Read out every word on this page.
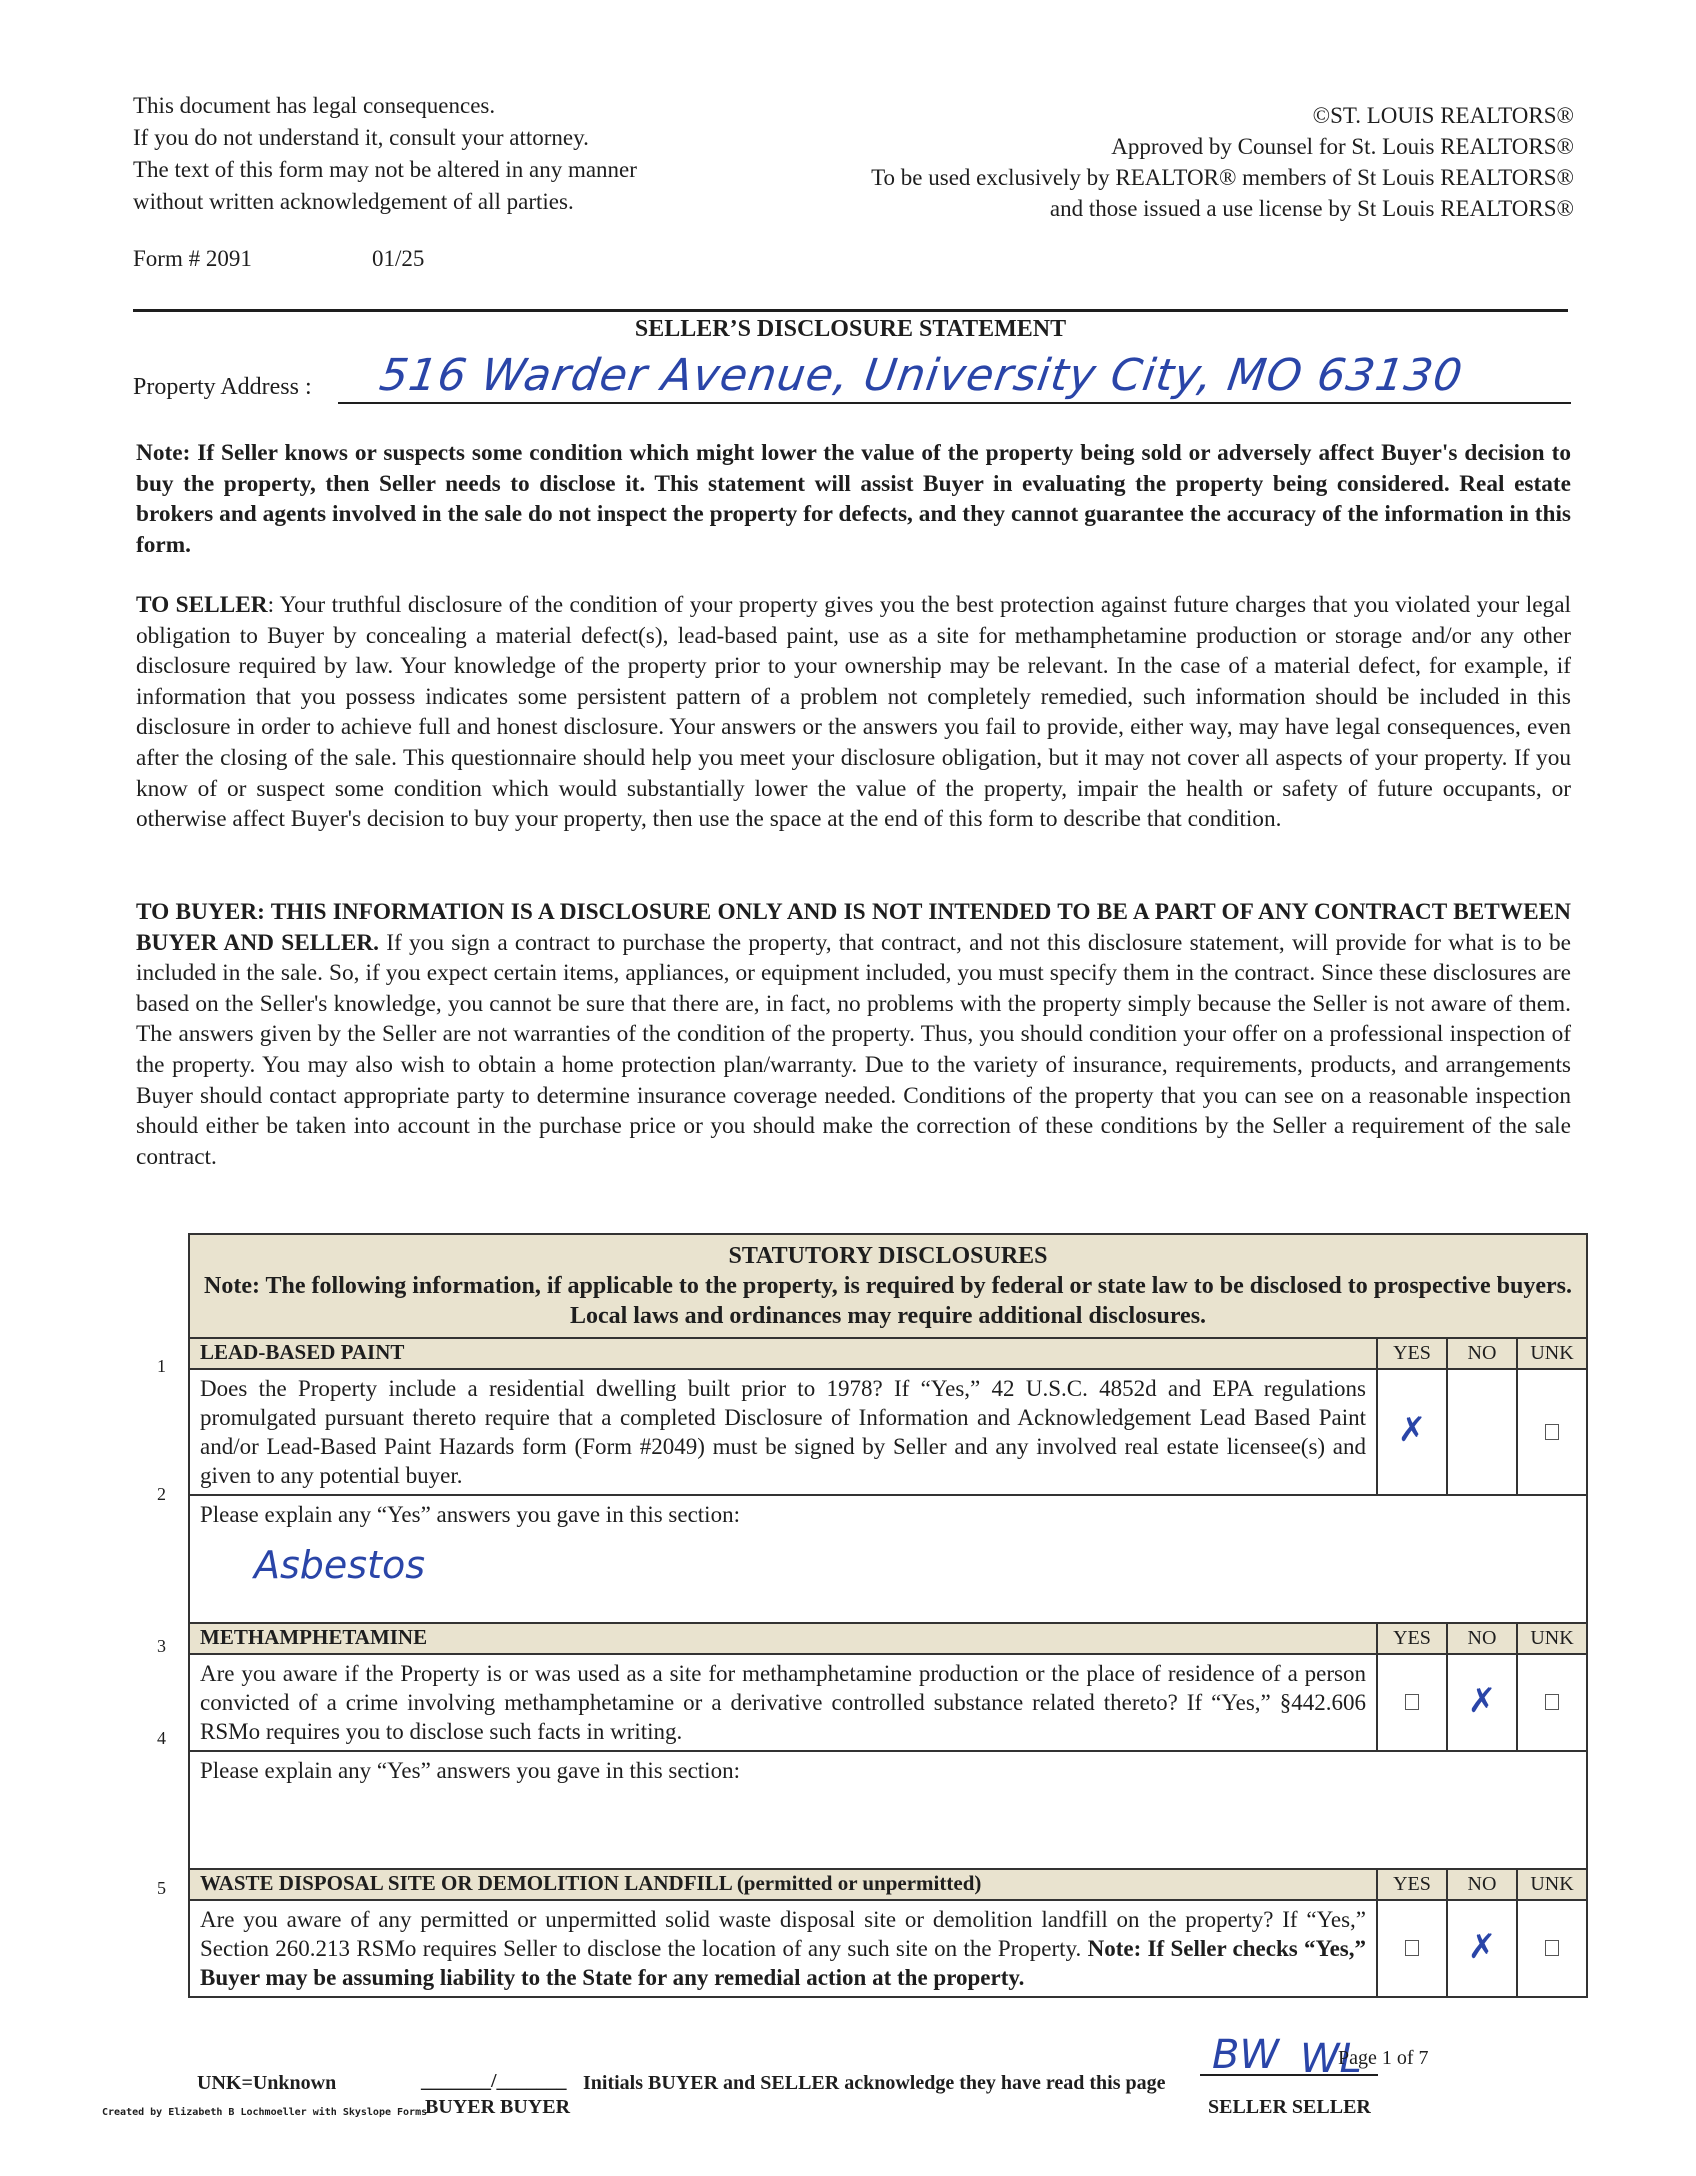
This document has legal consequences.
If you do not understand it, consult your attorney.
The text of this form may not be altered in any manner
without written acknowledgement of all parties.
©ST. LOUIS REALTORS®
Approved by Counsel for St. Louis REALTORS®
To be used exclusively by REALTOR® members of St Louis REALTORS®
and those issued a use license by St Louis REALTORS®
Form # 2091	01/25
SELLER’S DISCLOSURE STATEMENT
Property Address : 516 Warder Avenue, University City, MO 63130
Note: If Seller knows or suspects some condition which might lower the value of the property being sold or adversely affect Buyer's decision to buy the property, then Seller needs to disclose it. This statement will assist Buyer in evaluating the property being considered. Real estate brokers and agents involved in the sale do not inspect the property for defects, and they cannot guarantee the accuracy of the information in this form.
TO SELLER: Your truthful disclosure of the condition of your property gives you the best protection against future charges that you violated your legal obligation to Buyer by concealing a material defect(s), lead-based paint, use as a site for methamphetamine production or storage and/or any other disclosure required by law. Your knowledge of the property prior to your ownership may be relevant. In the case of a material defect, for example, if information that you possess indicates some persistent pattern of a problem not completely remedied, such information should be included in this disclosure in order to achieve full and honest disclosure. Your answers or the answers you fail to provide, either way, may have legal consequences, even after the closing of the sale. This questionnaire should help you meet your disclosure obligation, but it may not cover all aspects of your property. If you know of or suspect some condition which would substantially lower the value of the property, impair the health or safety of future occupants, or otherwise affect Buyer's decision to buy your property, then use the space at the end of this form to describe that condition.
TO BUYER: THIS INFORMATION IS A DISCLOSURE ONLY AND IS NOT INTENDED TO BE A PART OF ANY CONTRACT BETWEEN BUYER AND SELLER. If you sign a contract to purchase the property, that contract, and not this disclosure statement, will provide for what is to be included in the sale. So, if you expect certain items, appliances, or equipment included, you must specify them in the contract. Since these disclosures are based on the Seller's knowledge, you cannot be sure that there are, in fact, no problems with the property simply because the Seller is not aware of them. The answers given by the Seller are not warranties of the condition of the property. Thus, you should condition your offer on a professional inspection of the property. You may also wish to obtain a home protection plan/warranty. Due to the variety of insurance, requirements, products, and arrangements Buyer should contact appropriate party to determine insurance coverage needed. Conditions of the property that you can see on a reasonable inspection should either be taken into account in the purchase price or you should make the correction of these conditions by the Seller a requirement of the sale contract.
1
2
3
4
5
STATUTORY DISCLOSURES
Note: The following information, if applicable to the property, is required by federal or state law to be disclosed to prospective buyers. Local laws and ordinances may require additional disclosures.			

LEAD-BASED PAINT	YES	NO	UNK
Does the Property include a residential dwelling built prior to 1978? If “Yes,” 42 U.S.C. 4852d and EPA regulations promulgated pursuant thereto require that a completed Disclosure of Information and Acknowledgement Lead Based Paint and/or Lead-Based Paint Hazards form (Form #2049) must be signed by Seller and any involved real estate licensee(s) and given to any potential buyer.	✗		

Please explain any “Yes” answers you gave in this section:
Asbestos			

METHAMPHETAMINE	YES	NO	UNK
Are you aware if the Property is or was used as a site for methamphetamine production or the place of residence of a person convicted of a crime involving methamphetamine or a derivative controlled substance related thereto? If “Yes,” §442.606 RSMo requires you to disclose such facts in writing.		✗	

Please explain any “Yes” answers you gave in this section:			

WASTE DISPOSAL SITE OR DEMOLITION LANDFILL (permitted or unpermitted)	YES	NO	UNK
Are you aware of any permitted or unpermitted solid waste disposal site or demolition landfill on the property? If “Yes,” Section 260.213 RSMo requires Seller to disclose the location of any such site on the Property. Note: If Seller checks “Yes,” Buyer may be assuming liability to the State for any remedial action at the property.		✗	
UNK=Unknown	_______/_______ Initials BUYER and SELLER acknowledge they have read this page
BUYER BUYER	SELLER SELLER
BW WL
Page 1 of 7
Created by Elizabeth B Lochmoeller with Skyslope Forms
